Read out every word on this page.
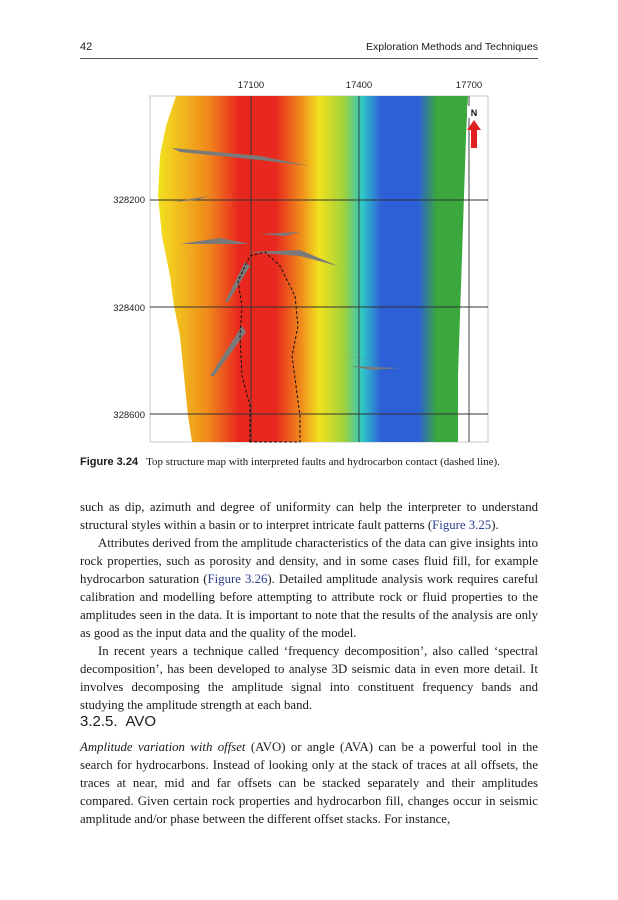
42	Exploration Methods and Techniques
17100	17400	17700
328200
328400
328600
N
Figure 3.24 Top structure map with interpreted faults and hydrocarbon contact (dashed line).

such as dip, azimuth and degree of uniformity can help the interpreter to understand structural styles within a basin or to interpret intricate fault patterns (Figure 3.25).

Attributes derived from the amplitude characteristics of the data can give insights into rock properties, such as porosity and density, and in some cases fluid fill, for example hydrocarbon saturation (Figure 3.26). Detailed amplitude analysis work requires careful calibration and modelling before attempting to attribute rock or fluid properties to the amplitudes seen in the data. It is important to note that the results of the analysis are only as good as the input data and the quality of the model.

In recent years a technique called ‘frequency decomposition’, also called ‘spectral decomposition’, has been developed to analyse 3D seismic data in even more detail. It involves decomposing the amplitude signal into constituent frequency bands and studying the amplitude strength at each band.

3.2.5. AVO

Amplitude variation with offset (AVO) or angle (AVA) can be a powerful tool in the search for hydrocarbons. Instead of looking only at the stack of traces at all offsets, the traces at near, mid and far offsets can be stacked separately and their amplitudes compared. Given certain rock properties and hydrocarbon fill, changes occur in seismic amplitude and/or phase between the different offset stacks. For instance,
